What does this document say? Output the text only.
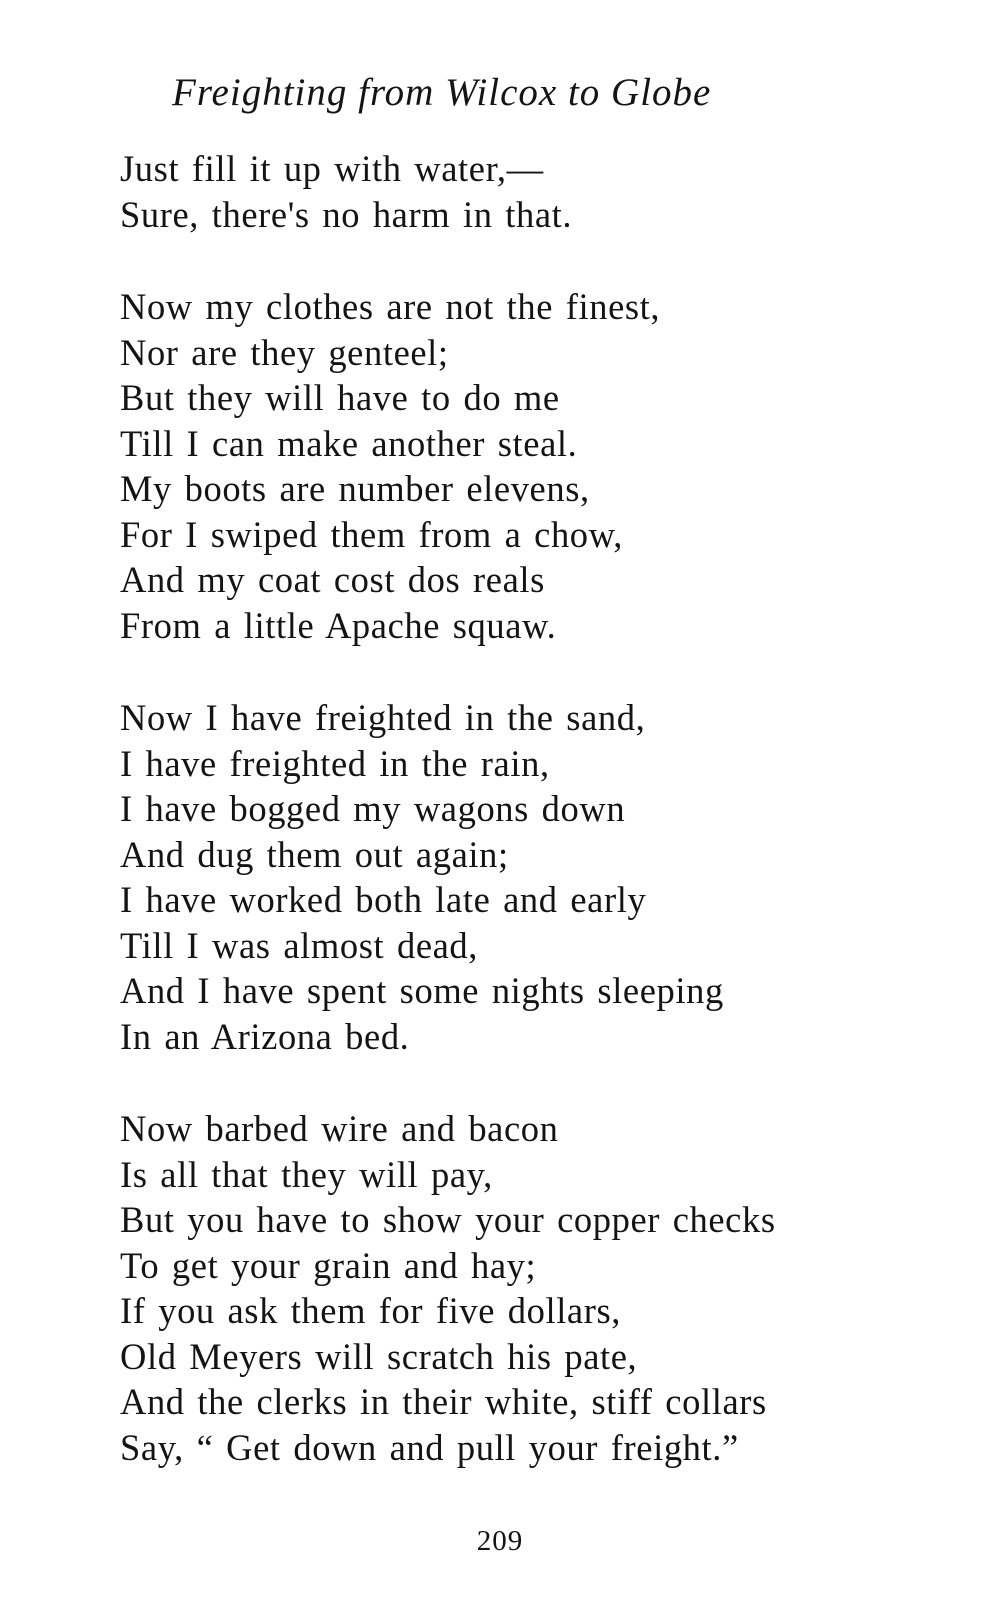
Freighting from Wilcox to Globe
Just fill it up with water,—
Sure, there's no harm in that.
Now my clothes are not the finest,
Nor are they genteel;
But they will have to do me
Till I can make another steal.
My boots are number elevens,
For I swiped them from a chow,
And my coat cost dos reals
From a little Apache squaw.
Now I have freighted in the sand,
I have freighted in the rain,
I have bogged my wagons down
And dug them out again;
I have worked both late and early
Till I was almost dead,
And I have spent some nights sleeping
In an Arizona bed.
Now barbed wire and bacon
Is all that they will pay,
But you have to show your copper checks
To get your grain and hay;
If you ask them for five dollars,
Old Meyers will scratch his pate,
And the clerks in their white, stiff collars
Say, “ Get down and pull your freight.”
209
